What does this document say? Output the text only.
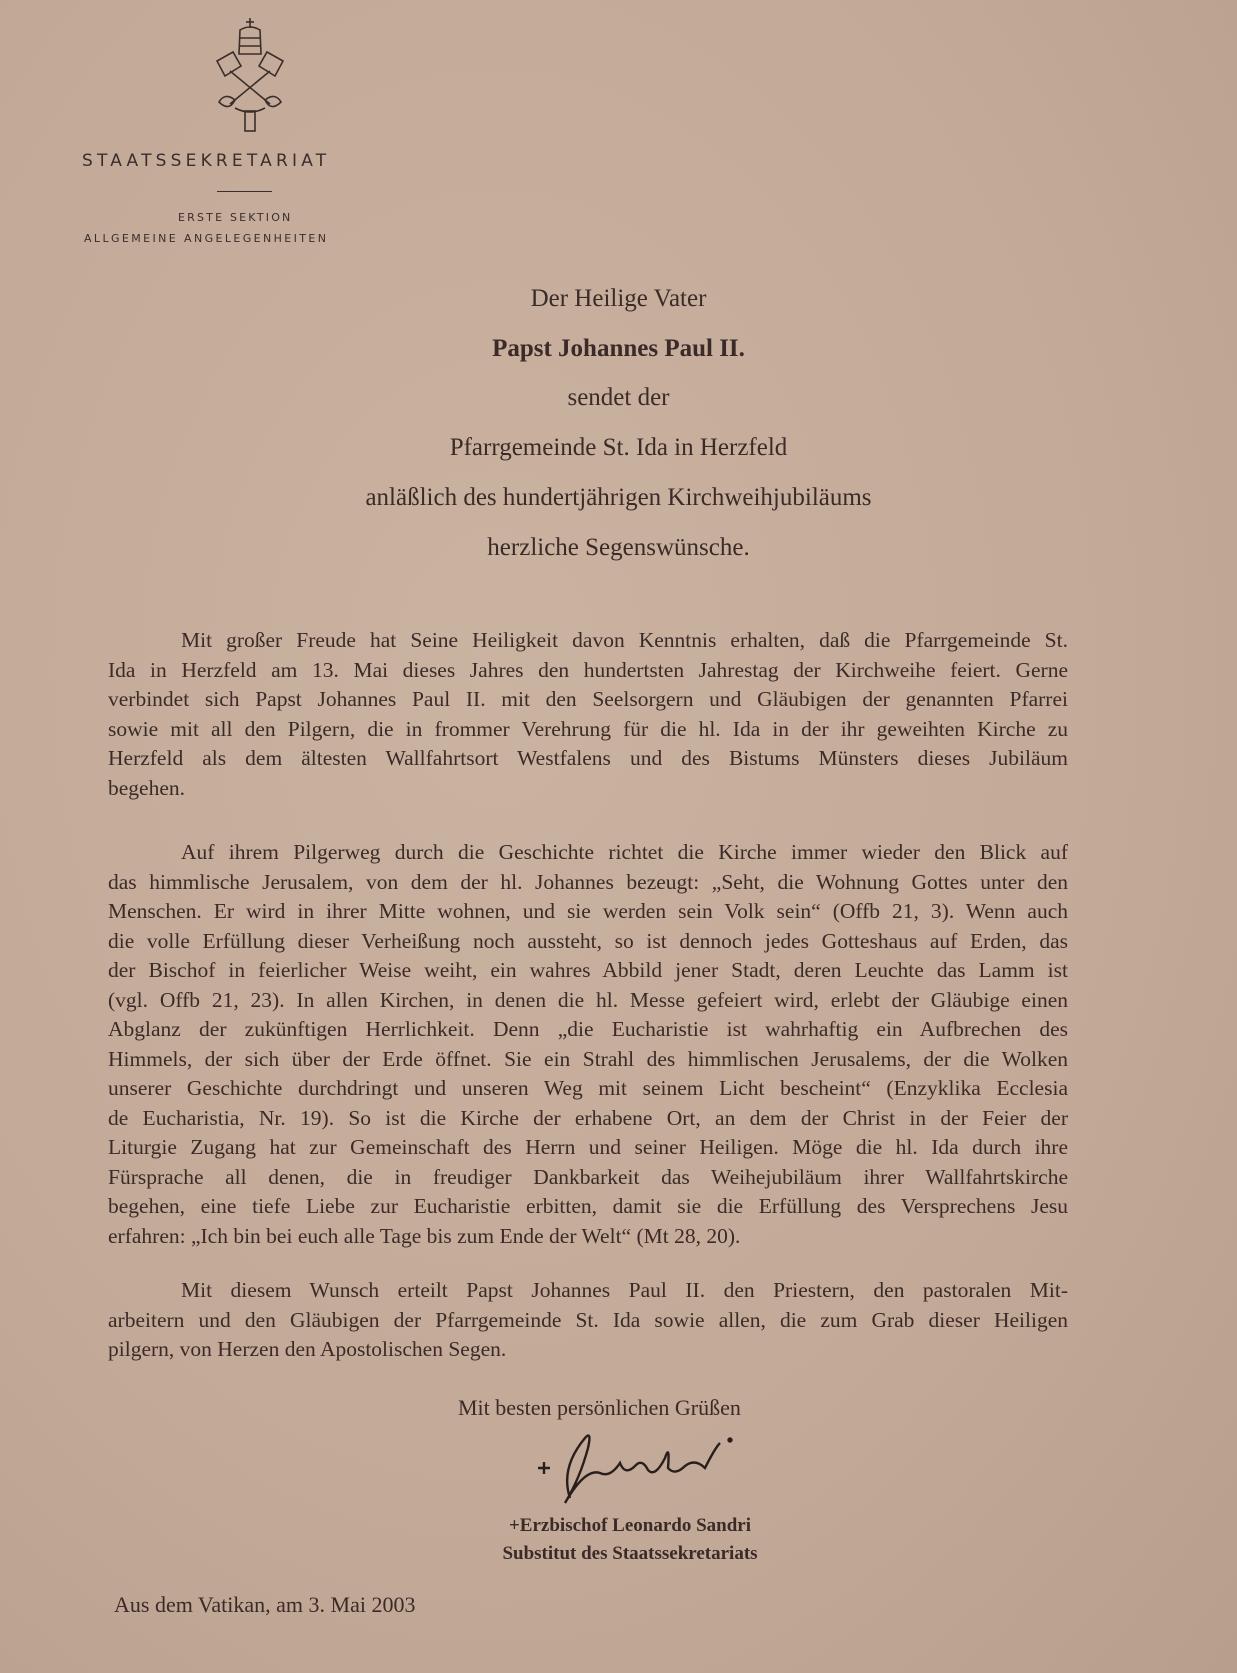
STAATSSEKRETARIAT
ERSTE SEKTION
ALLGEMEINE ANGELEGENHEITEN
Der Heilige Vater
Papst Johannes Paul II.
sendet der
Pfarrgemeinde St. Ida in Herzfeld
anläßlich des hundertjährigen Kirchweihjubiläums
herzliche Segenswünsche.
Mit großer Freude hat Seine Heiligkeit davon Kenntnis erhalten, daß die Pfarrgemeinde St.
Ida in Herzfeld am 13. Mai dieses Jahres den hundertsten Jahrestag der Kirchweihe feiert. Gerne
verbindet sich Papst Johannes Paul II. mit den Seelsorgern und Gläubigen der genannten Pfarrei
sowie mit all den Pilgern, die in frommer Verehrung für die hl. Ida in der ihr geweihten Kirche zu
Herzfeld als dem ältesten Wallfahrtsort Westfalens und des Bistums Münsters dieses Jubiläum
begehen.
Auf ihrem Pilgerweg durch die Geschichte richtet die Kirche immer wieder den Blick auf
das himmlische Jerusalem, von dem der hl. Johannes bezeugt: „Seht, die Wohnung Gottes unter den
Menschen. Er wird in ihrer Mitte wohnen, und sie werden sein Volk sein“ (Offb 21, 3). Wenn auch
die volle Erfüllung dieser Verheißung noch aussteht, so ist dennoch jedes Gotteshaus auf Erden, das
der Bischof in feierlicher Weise weiht, ein wahres Abbild jener Stadt, deren Leuchte das Lamm ist
(vgl. Offb 21, 23). In allen Kirchen, in denen die hl. Messe gefeiert wird, erlebt der Gläubige einen
Abglanz der zukünftigen Herrlichkeit. Denn „die Eucharistie ist wahrhaftig ein Aufbrechen des
Himmels, der sich über der Erde öffnet. Sie ein Strahl des himmlischen Jerusalems, der die Wolken
unserer Geschichte durchdringt und unseren Weg mit seinem Licht bescheint“ (Enzyklika Ecclesia
de Eucharistia, Nr. 19). So ist die Kirche der erhabene Ort, an dem der Christ in der Feier der
Liturgie Zugang hat zur Gemeinschaft des Herrn und seiner Heiligen. Möge die hl. Ida durch ihre
Fürsprache all denen, die in freudiger Dankbarkeit das Weihejubiläum ihrer Wallfahrtskirche
begehen, eine tiefe Liebe zur Eucharistie erbitten, damit sie die Erfüllung des Versprechens Jesu
erfahren: „Ich bin bei euch alle Tage bis zum Ende der Welt“ (Mt 28, 20).
Mit diesem Wunsch erteilt Papst Johannes Paul II. den Priestern, den pastoralen Mit-
arbeitern und den Gläubigen der Pfarrgemeinde St. Ida sowie allen, die zum Grab dieser Heiligen
pilgern, von Herzen den Apostolischen Segen.
Mit besten persönlichen Grüßen
+Erzbischof Leonardo Sandri
Substitut des Staatssekretariats
Aus dem Vatikan, am 3. Mai 2003
